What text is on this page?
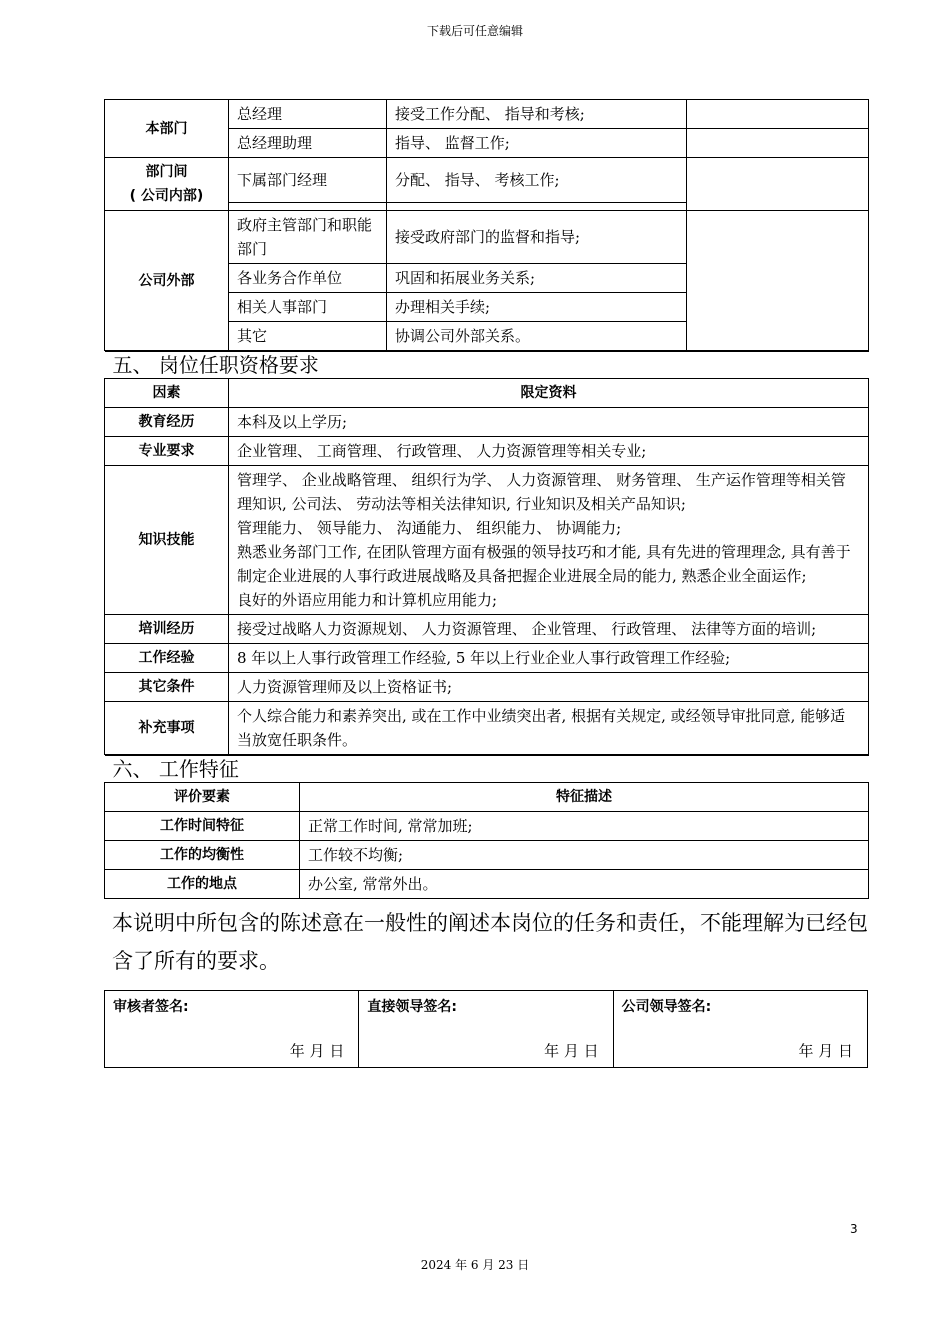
下载后可任意编辑
本部门	总经理	接受工作分配、 指导和考核;	
	总经理助理	指导、 监督工作;	
部门间
( 公司内部)	下属部门经理	分配、 指导、 考核工作;	

公司外部	政府主管部门和职能部门	接受政府部门的监督和指导;	
	各业务合作单位	巩固和拓展业务关系;	
	相关人事部门	办理相关手续;	
	其它	协调公司外部关系。	
五、 岗位任职资格要求	
因素	限定资料
教育经历	本科及以上学历;
专业要求	企业管理、 工商管理、 行政管理、 人力资源管理等相关专业;
知识技能	管理学、 企业战略管理、 组织行为学、 人力资源管理、 财务管理、 生产运作管理等相关管理知识, 公司法、 劳动法等相关法律知识, 行业知识及相关产品知识;
管理能力、 领导能力、 沟通能力、 组织能力、 协调能力;
熟悉业务部门工作, 在团队管理方面有极强的领导技巧和才能, 具有先进的管理理念, 具有善于制定企业进展的人事行政进展战略及具备把握企业进展全局的能力, 熟悉企业全面运作;
良好的外语应用能力和计算机应用能力;

培训经历	接受过战略人力资源规划、 人力资源管理、 企业管理、 行政管理、 法律等方面的培训;
工作经验	8 年以上人事行政管理工作经验, 5 年以上行业企业人事行政管理工作经验;
其它条件	人力资源管理师及以上资格证书;
补充事项	个人综合能力和素养突出, 或在工作中业绩突出者, 根据有关规定, 或经领导审批同意, 能够适当放宽任职条件。
六、 工作特征	
评价要素	特征描述
工作时间特征	正常工作时间, 常常加班;
工作的均衡性	工作较不均衡;
工作的地点	办公室, 常常外出。
本说明中所包含的陈述意在一般性的阐述本岗位的任务和责任，不能理解为已经包含了所有的要求。
审核者签名:
年 月 日

直接领导签名:
年 月 日

公司领导签名:
年 月 日
3
2024 年 6 月 23 日
